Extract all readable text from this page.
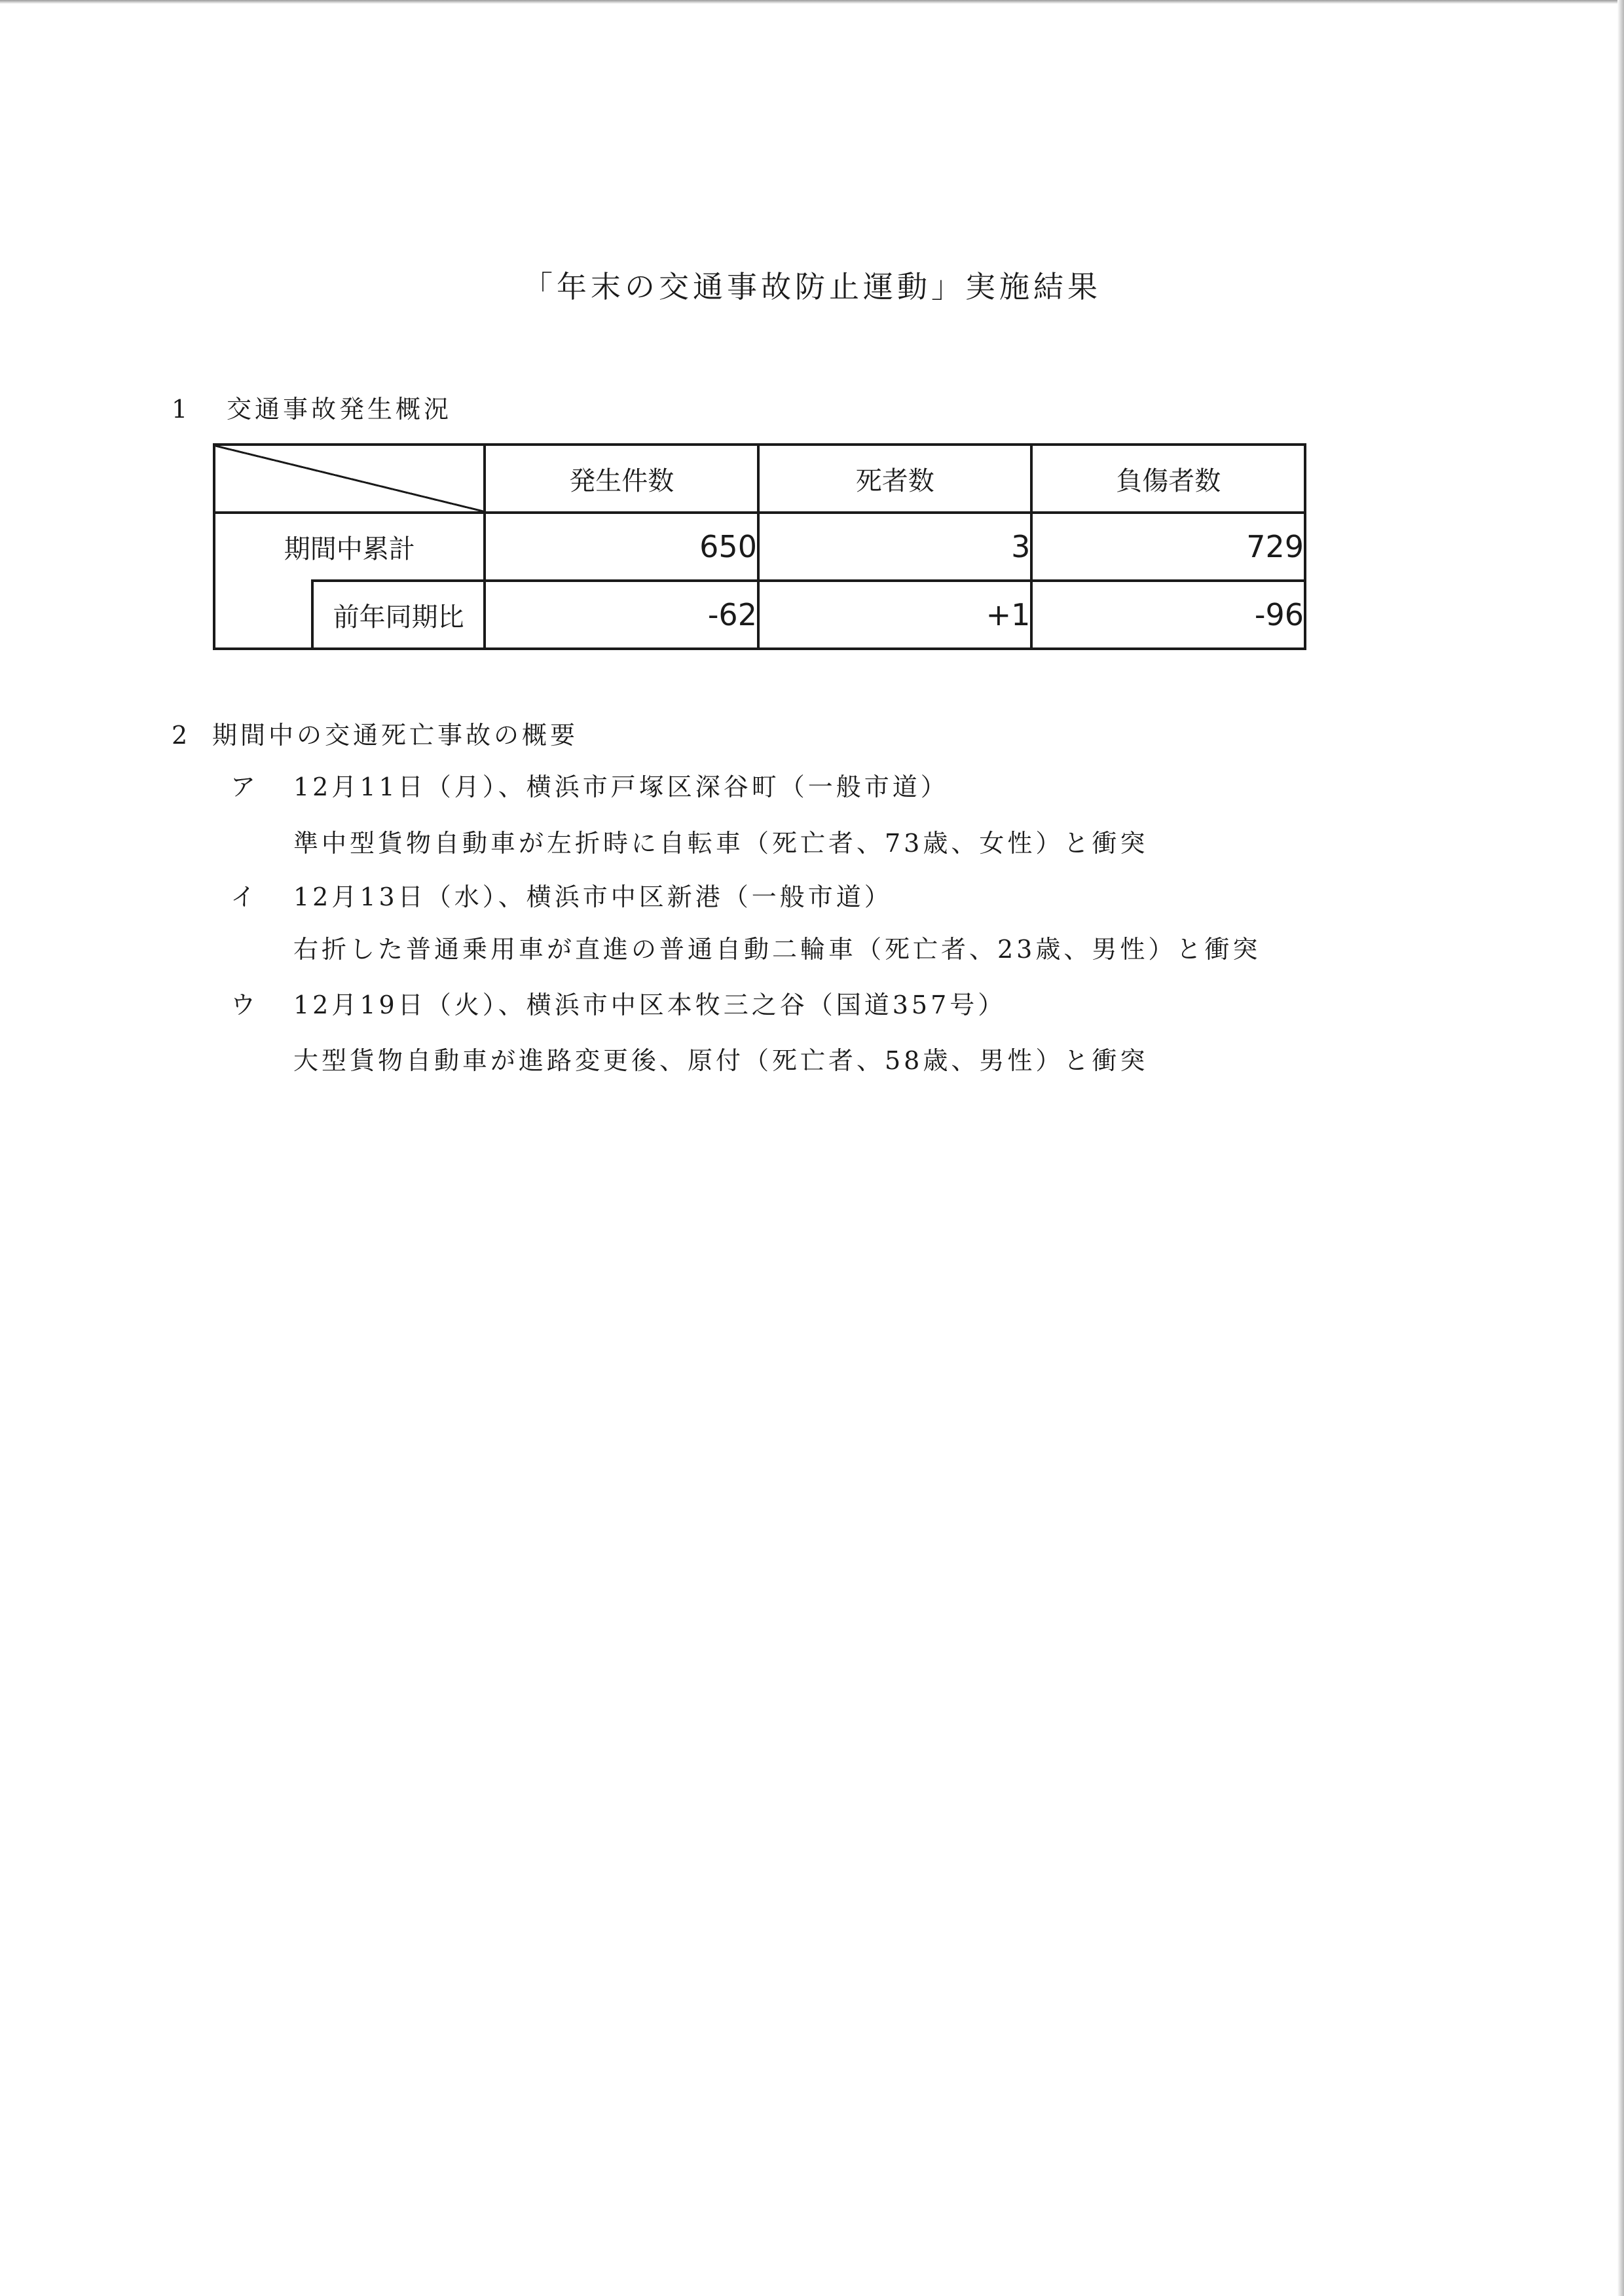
「年末の交通事故防止運動」実施結果
1 交通事故発生概況
		発生件数	死者数	負傷者数
期間中累計		650	3	729
	前年同期比	-62	+1	-96
2 期間中の交通死亡事故の概要
ア 12月11日（月）、横浜市戸塚区深谷町（一般市道）
準中型貨物自動車が左折時に自転車（死亡者、73歳、女性）と衝突
イ 12月13日（水）、横浜市中区新港（一般市道）
右折した普通乗用車が直進の普通自動二輪車（死亡者、23歳、男性）と衝突
ウ 12月19日（火）、横浜市中区本牧三之谷（国道357号）
大型貨物自動車が進路変更後、原付（死亡者、58歳、男性）と衝突
